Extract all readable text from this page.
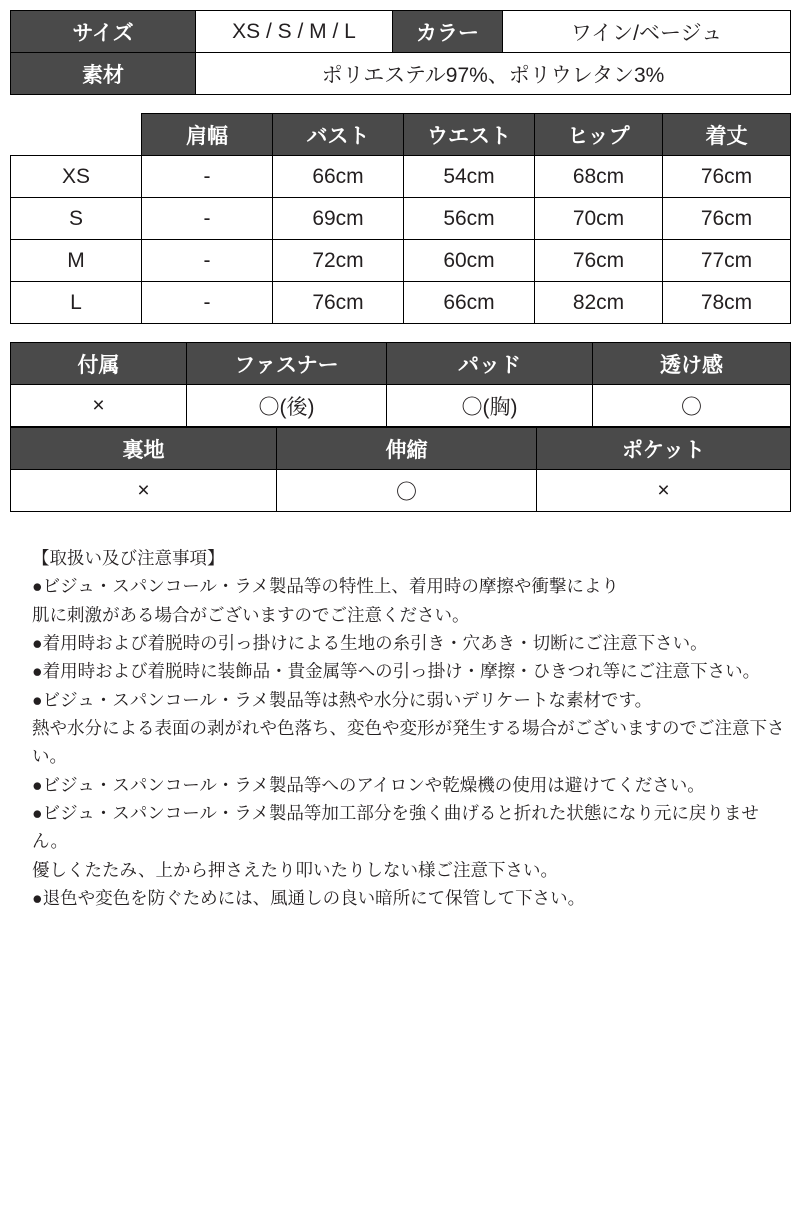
サイズ	XS / S / M / L	カラー	ワイン/ベージュ
素材	ポリエステル97%、ポリウレタン3%		
	肩幅	バスト	ウエスト	ヒップ	着丈
XS	-	66cm	54cm	68cm	76cm
S	-	69cm	56cm	70cm	76cm
M	-	72cm	60cm	76cm	77cm
L	-	76cm	66cm	82cm	78cm
付属	ファスナー	パッド	透け感
×	〇(後)	〇(胸)	〇
裏地	伸縮	ポケット
×	〇	×
【取扱い及び注意事項】
●ビジュ・スパンコール・ラメ製品等の特性上、着用時の摩擦や衝撃により
肌に刺激がある場合がございますのでご注意ください。
●着用時および着脱時の引っ掛けによる生地の糸引き・穴あき・切断にご注意下さい。
●着用時および着脱時に装飾品・貴金属等への引っ掛け・摩擦・ひきつれ等にご注意下さい。
●ビジュ・スパンコール・ラメ製品等は熱や水分に弱いデリケートな素材です。
熱や水分による表面の剥がれや色落ち、変色や変形が発生する場合がございますのでご注意下さい。
●ビジュ・スパンコール・ラメ製品等へのアイロンや乾燥機の使用は避けてください。
●ビジュ・スパンコール・ラメ製品等加工部分を強く曲げると折れた状態になり元に戻りません。
優しくたたみ、上から押さえたり叩いたりしない様ご注意下さい。
●退色や変色を防ぐためには、風通しの良い暗所にて保管して下さい。
